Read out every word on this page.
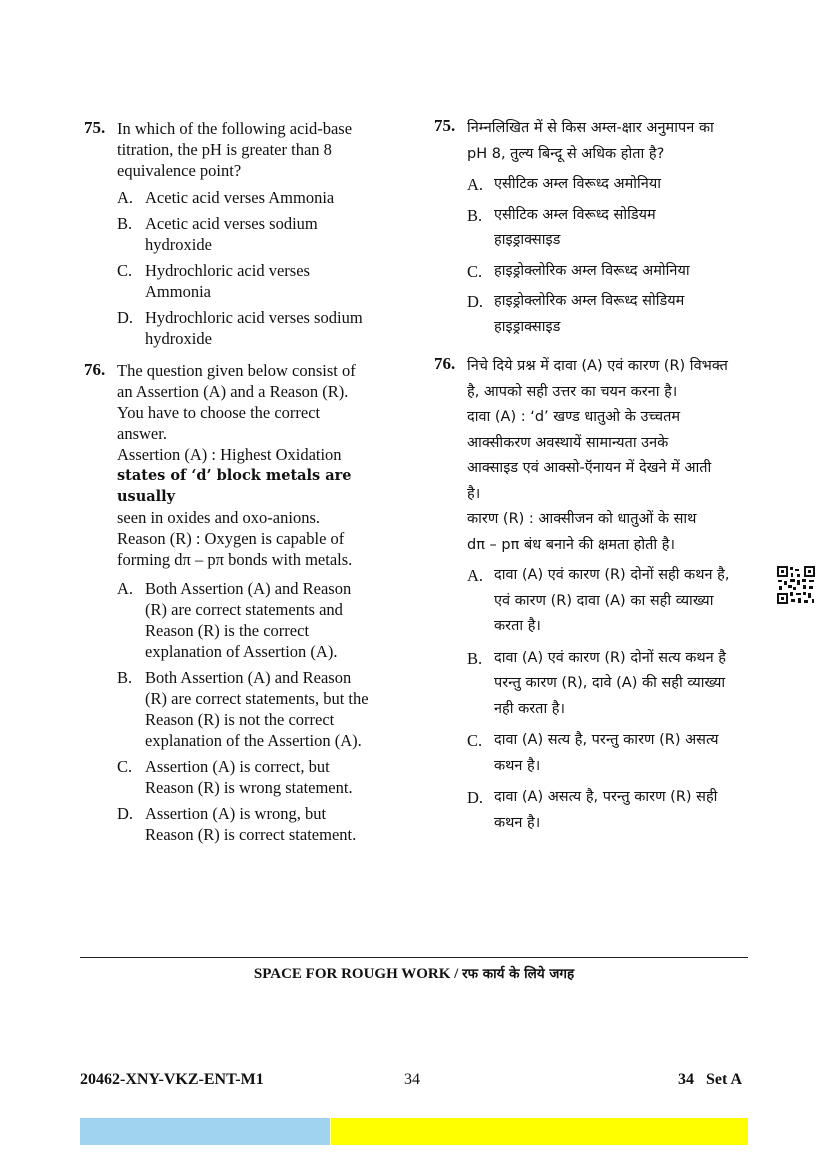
75. In which of the following acid-base
titration, the pH is greater than 8
equivalence point?
A. Acetic acid verses Ammonia
B. Acetic acid verses sodium
hydroxide
C. Hydrochloric acid verses
Ammonia
D. Hydrochloric acid verses sodium
hydroxide
76. The question given below consist of
an Assertion (A) and a Reason (R).
You have to choose the correct
answer.
Assertion (A) : Highest Oxidation
states of ‘d’ block metals are usually
seen in oxides and oxo-anions.
Reason (R) : Oxygen is capable of
forming dπ – pπ bonds with metals.
A. Both Assertion (A) and Reason
(R) are correct statements and
Reason (R) is the correct
explanation of Assertion (A).
B. Both Assertion (A) and Reason
(R) are correct statements, but the
Reason (R) is not the correct
explanation of the Assertion (A).
C. Assertion (A) is correct, but
Reason (R) is wrong statement.
D. Assertion (A) is wrong, but
Reason (R) is correct statement.
75. निम्नलिखित में से किस अम्ल-क्षार अनुमापन का
pH 8, तुल्य बिन्दू से अधिक होता है?
A. एसीटिक अम्ल विरूध्द अमोनिया
B. एसीटिक अम्ल विरूध्द सोडियम
हाइड्राक्साइड
C. हाइड्रोक्लोरिक अम्ल विरूध्द अमोनिया
D. हाइड्रोक्लोरिक अम्ल विरूध्द सोडियम
हाइड्राक्साइड
76. निचे दिये प्रश्न में दावा (A) एवं कारण (R) विभक्त
है, आपको सही उत्तर का चयन करना है।
दावा (A) : ‘d’ खण्ड धातुओ के उच्चतम
आक्सीकरण अवस्थायें सामान्यता उनके
आक्साइड एवं आक्सो-ऍनायन में देखने में आती
है।
कारण (R) : आक्सीजन को धातुओं के साथ
dπ – pπ बंध बनाने की क्षमता होती है।
A. दावा (A) एवं कारण (R) दोनों सही कथन है,
एवं कारण (R) दावा (A) का सही व्याख्या
करता है।
B. दावा (A) एवं कारण (R) दोनों सत्य कथन है
परन्तु कारण (R), दावे (A) की सही व्याख्या
नही करता है।
C. दावा (A) सत्य है, परन्तु कारण (R) असत्य
कथन है।
D. दावा (A) असत्य है, परन्तु कारण (R) सही
कथन है।
SPACE FOR ROUGH WORK / रफ कार्य के लिये जगह
20462-XNY-VKZ-ENT-M1	34	34 Set A
